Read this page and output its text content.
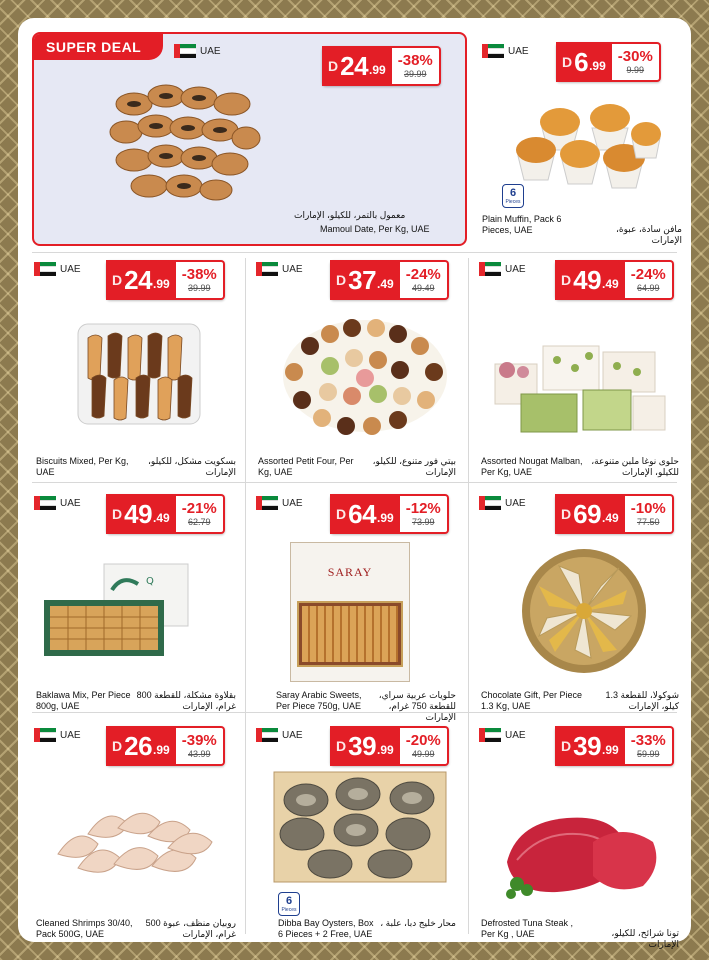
SUPER DEAL	UAE
D 24 .99
-38%
39.99
معمول بالتمر، للكيلو، الإمارات
Mamoul Date, Per Kg, UAE
UAE
D 6 .99
-30%
9.99
6
Pieces
Plain Muffin, Pack 6 Pieces, UAE	مافن سادة، عبوة، الإمارات
UAE
D 24 .99
-38%
39.99
Biscuits Mixed, Per Kg, UAE
بسكويت مشكل، للكيلو، الإمارات
UAE
D 37 .49
-24%
49.49
Assorted Petit Four, Per Kg, UAE
بيتي فور متنوع، للكيلو، الإمارات
UAE
D 49 .49
-24%
64.99
Assorted Nougat Malban, Per Kg, UAE
حلوى نوغا ملبن متنوعة، للكيلو، الإمارات
UAE
D 49 .49
-21%
62.79
Q
Baklawa Mix, Per Piece 800g, UAE
بقلاوة مشكلة، للقطعة 800 غرام، الإمارات
UAE
D 64 .99
-12%
73.99
SARAY
Saray Arabic Sweets, Per Piece 750g, UAE
حلويات عربية سراي، للقطعة 750 غرام، الإمارات
UAE
D 69 .49
-10%
77.50
Chocolate Gift, Per Piece 1.3 Kg, UAE
شوكولا، للقطعة 1.3 كيلو، الإمارات
UAE
D 26 .99
-39%
43.99
Cleaned Shrimps 30/40, Pack 500G, UAE
روبيان منظف، عبوة 500 غرام، الإمارات
UAE
D 39 .99
-20%
49.99
6
Pieces
Dibba Bay Oysters, Box 6 Pieces + 2 Free, UAE
محار خليج دبا، علبة ،
UAE
D 39 .99
-33%
59.99
Defrosted Tuna Steak , Per Kg , UAE	تونا شرائح، للكيلو، الإمارات
